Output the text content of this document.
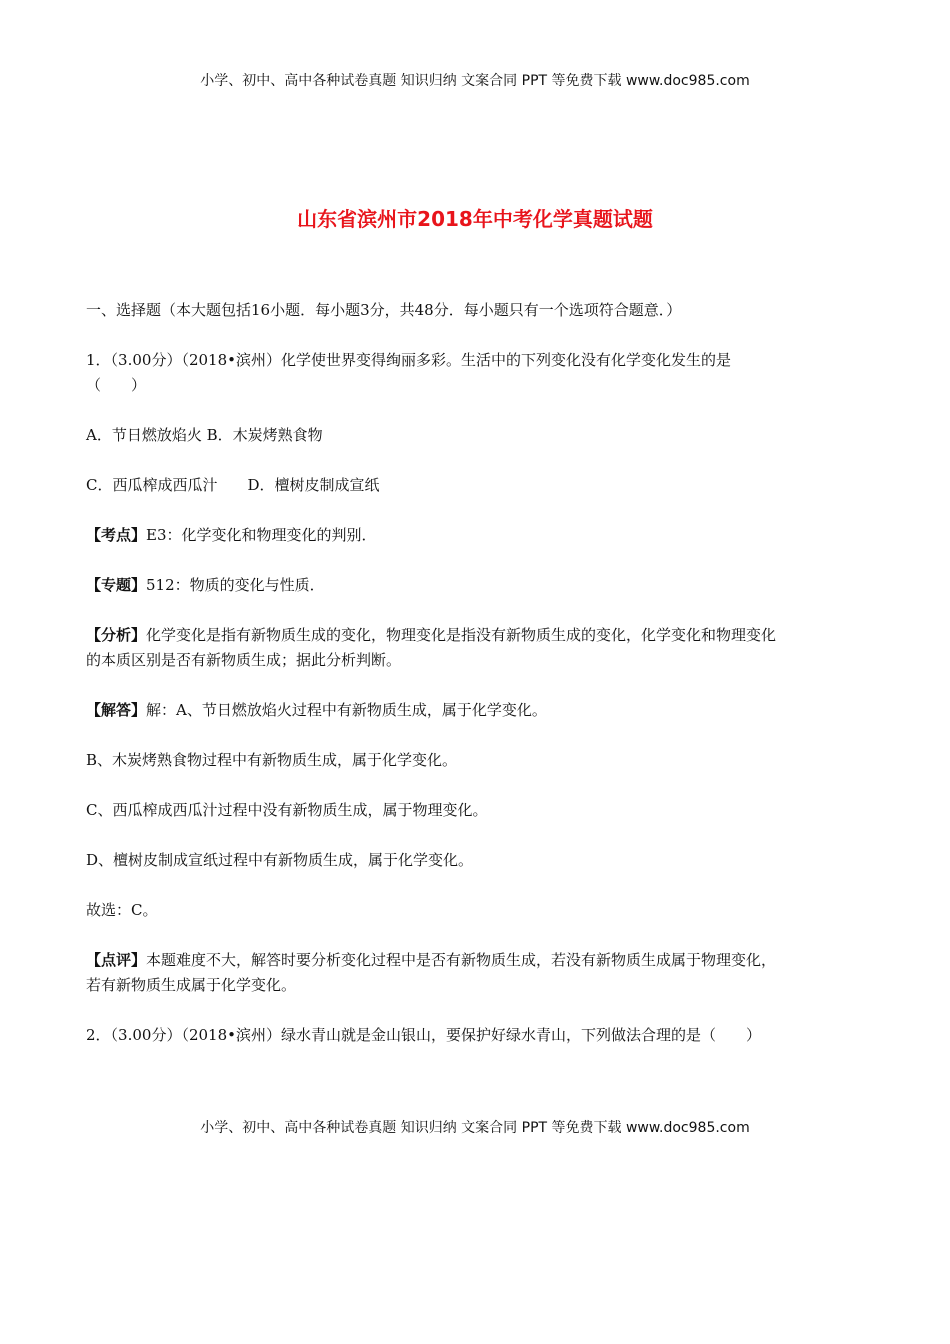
小学、初中、高中各种试卷真题 知识归纳 文案合同 PPT 等免费下载 www.doc985.com
山东省滨州市2018年中考化学真题试题
一、选择题（本大题包括16小题．每小题3分，共48分．每小题只有一个选项符合题意．）
1．（3.00分）（2018•滨州）化学使世界变得绚丽多彩。生活中的下列变化没有化学变化发生的是
（　　）
A．节日燃放焰火 B．木炭烤熟食物
C．西瓜榨成西瓜汁　　D．檀树皮制成宣纸
【考点】E3：化学变化和物理变化的判别．
【专题】512：物质的变化与性质．
【分析】化学变化是指有新物质生成的变化，物理变化是指没有新物质生成的变化，化学变化和物理变化
的本质区别是否有新物质生成；据此分析判断。
【解答】解：A、节日燃放焰火过程中有新物质生成，属于化学变化。
B、木炭烤熟食物过程中有新物质生成，属于化学变化。
C、西瓜榨成西瓜汁过程中没有新物质生成，属于物理变化。
D、檀树皮制成宣纸过程中有新物质生成，属于化学变化。
故选：C。
【点评】本题难度不大，解答时要分析变化过程中是否有新物质生成，若没有新物质生成属于物理变化，
若有新物质生成属于化学变化。
2．（3.00分）（2018•滨州）绿水青山就是金山银山，要保护好绿水青山，下列做法合理的是（　　）
小学、初中、高中各种试卷真题 知识归纳 文案合同 PPT 等免费下载 www.doc985.com
